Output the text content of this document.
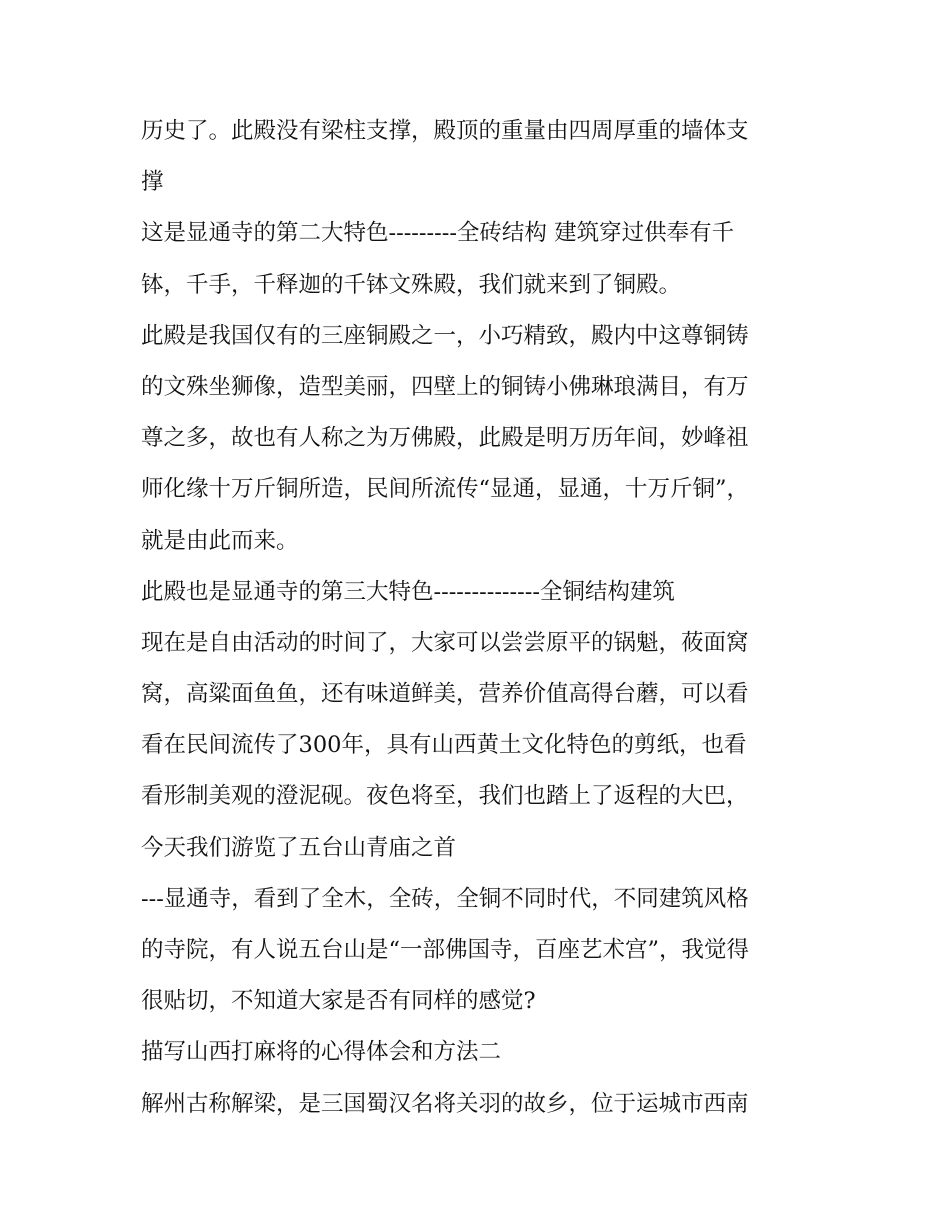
历史了。此殿没有梁柱支撑，殿顶的重量由四周厚重的墙体支
撑
这是显通寺的第二大特色---------全砖结构 建筑穿过供奉有千
钵，千手，千释迦的千钵文殊殿，我们就来到了铜殿。
此殿是我国仅有的三座铜殿之一，小巧精致，殿内中这尊铜铸
的文殊坐狮像，造型美丽，四壁上的铜铸小佛琳琅满目，有万
尊之多，故也有人称之为万佛殿，此殿是明万历年间，妙峰祖
师化缘十万斤铜所造，民间所流传“显通，显通，十万斤铜”，
就是由此而来。
此殿也是显通寺的第三大特色--------------全铜结构建筑
现在是自由活动的时间了，大家可以尝尝原平的锅魁，莜面窝
窝，高粱面鱼鱼，还有味道鲜美，营养价值高得台蘑，可以看
看在民间流传了300年，具有山西黄土文化特色的剪纸，也看
看形制美观的澄泥砚。夜色将至，我们也踏上了返程的大巴，
今天我们游览了五台山青庙之首
---显通寺，看到了全木，全砖，全铜不同时代，不同建筑风格
的寺院，有人说五台山是“一部佛国寺，百座艺术宫”，我觉得
很贴切，不知道大家是否有同样的感觉?
描写山西打麻将的心得体会和方法二
解州古称解梁，是三国蜀汉名将关羽的故乡，位于运城市西南
